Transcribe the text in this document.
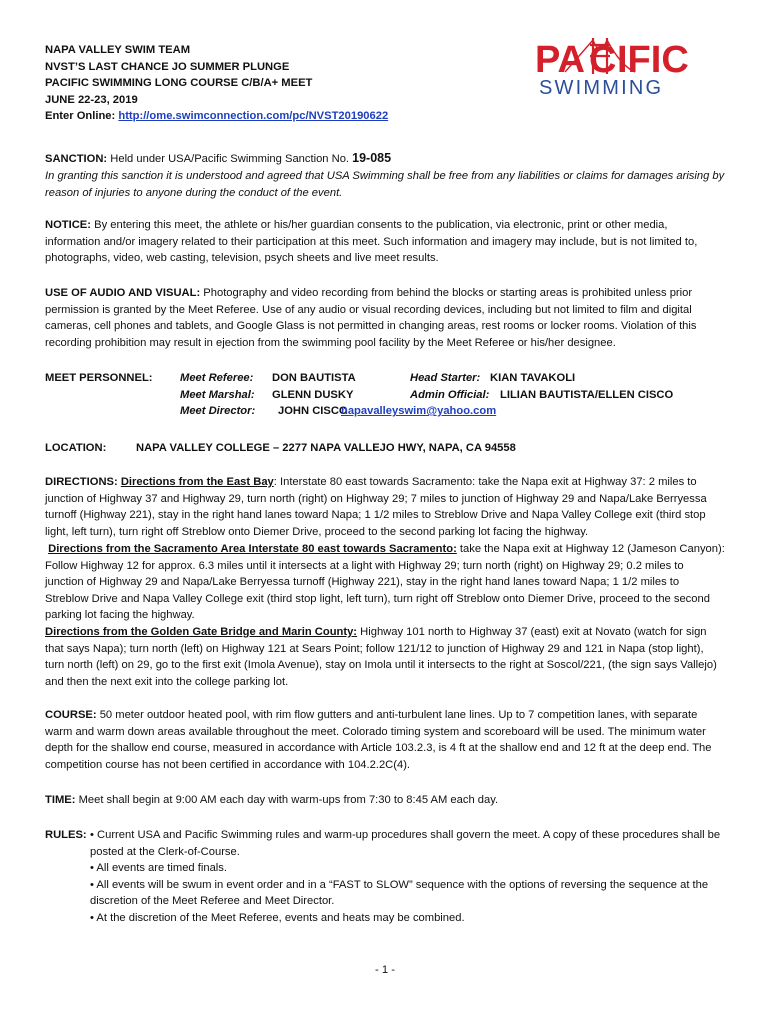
NAPA VALLEY SWIM TEAM
NVST’S LAST CHANCE JO SUMMER PLUNGE
PACIFIC SWIMMING LONG COURSE C/B/A+ MEET
JUNE 22-23, 2019
Enter Online: http://ome.swimconnection.com/pc/NVST20190622
PA C IFIC
SWIMMING
SANCTION: Held under USA/Pacific Swimming Sanction No. 19-085
In granting this sanction it is understood and agreed that USA Swimming shall be free from any liabilities or claims for damages arising by reason of injuries to anyone during the conduct of the event.
NOTICE: By entering this meet, the athlete or his/her guardian consents to the publication, via electronic, print or other media, information and/or imagery related to their participation at this meet. Such information and imagery may include, but is not limited to, photographs, video, web casting, television, psych sheets and live meet results.
USE OF AUDIO AND VISUAL: Photography and video recording from behind the blocks or starting areas is prohibited unless prior permission is granted by the Meet Referee. Use of any audio or visual recording devices, including but not limited to film and digital cameras, cell phones and tablets, and Google Glass is not permitted in changing areas, rest rooms or locker rooms. Violation of this recording prohibition may result in ejection from the swimming pool facility by the Meet Referee or his/her designee.
MEET PERSONNEL: Meet Referee: DON BAUTISTA	Head Starter: KIAN TAVAKOLI
Meet Marshal: GLENN DUSKY	Admin Official: LILIAN BAUTISTA/ELLEN CISCO
Meet Director: JOHN CISCO
napavalleyswim@yahoo.com
LOCATION:	NAPA VALLEY COLLEGE – 2277 NAPA VALLEJO HWY, NAPA, CA 94558
DIRECTIONS: Directions from the East Bay: Interstate 80 east towards Sacramento: take the Napa exit at Highway 37: 2 miles to junction of Highway 37 and Highway 29, turn north (right) on Highway 29; 7 miles to junction of Highway 29 and Napa/Lake Berryessa turnoff (Highway 221), stay in the right hand lanes toward Napa; 1 1/2 miles to Streblow Drive and Napa Valley College exit (third stop light, left turn), turn right off Streblow onto Diemer Drive, proceed to the second parking lot facing the highway.
Directions from the Sacramento Area Interstate 80 east towards Sacramento: take the Napa exit at Highway 12 (Jameson Canyon): Follow Highway 12 for approx. 6.3 miles until it intersects at a light with Highway 29; turn north (right) on Highway 29; 0.2 miles to junction of Highway 29 and Napa/Lake Berryessa turnoff (Highway 221), stay in the right hand lanes toward Napa; 1 1/2 miles to Streblow Drive and Napa Valley College exit (third stop light, left turn), turn right off Streblow onto Diemer Drive, proceed to the second parking lot facing the highway.
Directions from the Golden Gate Bridge and Marin County: Highway 101 north to Highway 37 (east) exit at Novato (watch for sign that says Napa); turn north (left) on Highway 121 at Sears Point; follow 121/12 to junction of Highway 29 and 121 in Napa (stop light), turn north (left) on 29, go to the first exit (Imola Avenue), stay on Imola until it intersects to the right at Soscol/221, (the sign says Vallejo) and then the next exit into the college parking lot.
COURSE: 50 meter outdoor heated pool, with rim flow gutters and anti-turbulent lane lines. Up to 7 competition lanes, with separate warm and warm down areas available throughout the meet. Colorado timing system and scoreboard will be used. The minimum water depth for the shallow end course, measured in accordance with Article 103.2.3, is 4 ft at the shallow end and 12 ft at the deep end. The competition course has not been certified in accordance with 104.2.2C(4).
TIME: Meet shall begin at 9:00 AM each day with warm-ups from 7:30 to 8:45 AM each day.
RULES: • Current USA and Pacific Swimming rules and warm-up procedures shall govern the meet. A copy of these procedures shall be posted at the Clerk-of-Course.
• All events are timed finals.
• All events will be swum in event order and in a “FAST to SLOW” sequence with the options of reversing the sequence at the discretion of the Meet Referee and Meet Director.
• At the discretion of the Meet Referee, events and heats may be combined.
- 1 -
